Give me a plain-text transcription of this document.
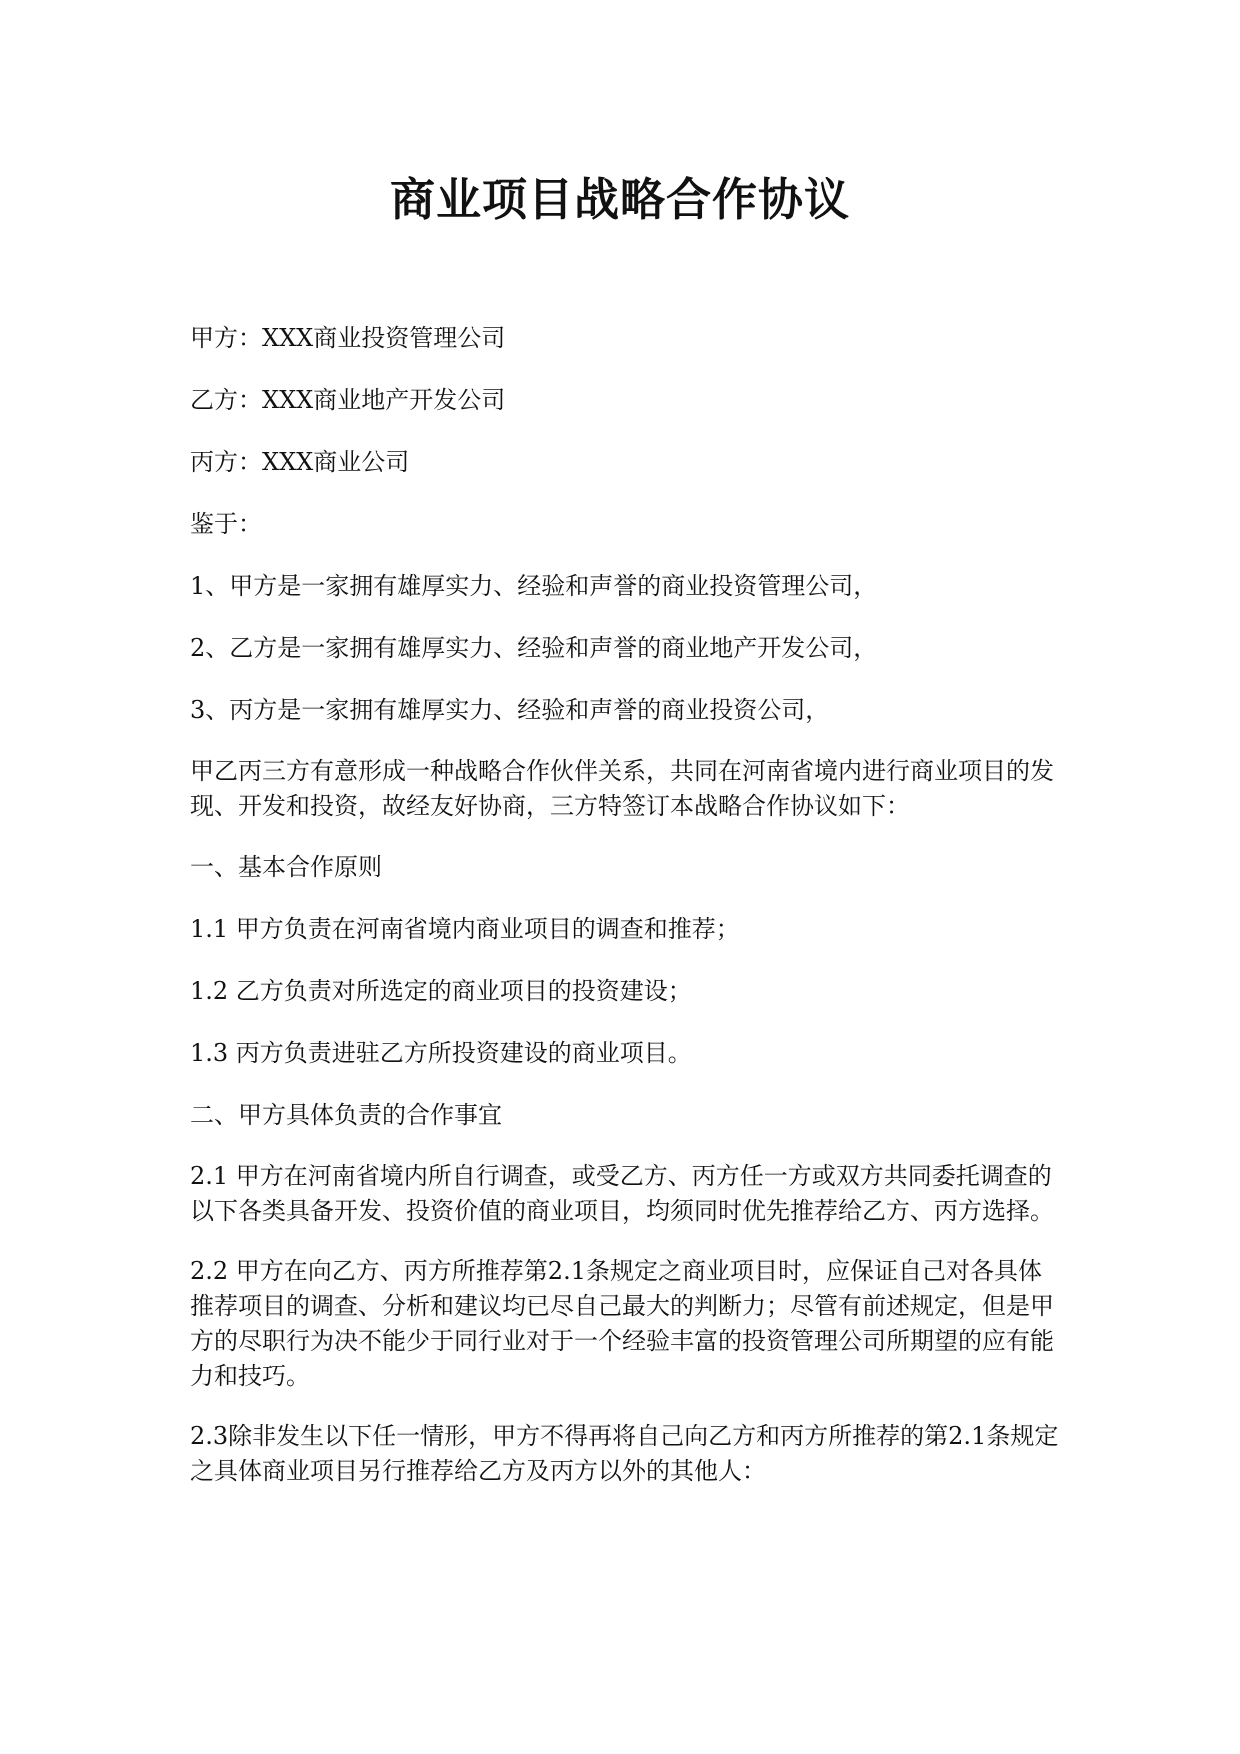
商业项目战略合作协议

甲方：XXX商业投资管理公司

乙方：XXX商业地产开发公司

丙方：XXX商业公司

鉴于：

1、甲方是一家拥有雄厚实力、经验和声誉的商业投资管理公司，

2、乙方是一家拥有雄厚实力、经验和声誉的商业地产开发公司，

3、丙方是一家拥有雄厚实力、经验和声誉的商业投资公司，

甲乙丙三方有意形成一种战略合作伙伴关系，共同在河南省境内进行商业项目的发现、开发和投资，故经友好协商，三方特签订本战略合作协议如下：

一、基本合作原则

1.1 甲方负责在河南省境内商业项目的调查和推荐；

1.2 乙方负责对所选定的商业项目的投资建设；

1.3 丙方负责进驻乙方所投资建设的商业项目。

二、甲方具体负责的合作事宜

2.1 甲方在河南省境内所自行调查，或受乙方、丙方任一方或双方共同委托调查的以下各类具备开发、投资价值的商业项目，均须同时优先推荐给乙方、丙方选择。

2.2 甲方在向乙方、丙方所推荐第2.1条规定之商业项目时，应保证自己对各具体推荐项目的调查、分析和建议均已尽自己最大的判断力；尽管有前述规定，但是甲方的尽职行为决不能少于同行业对于一个经验丰富的投资管理公司所期望的应有能力和技巧。

2.3除非发生以下任一情形，甲方不得再将自己向乙方和丙方所推荐的第2.1条规定之具体商业项目另行推荐给乙方及丙方以外的其他人：
